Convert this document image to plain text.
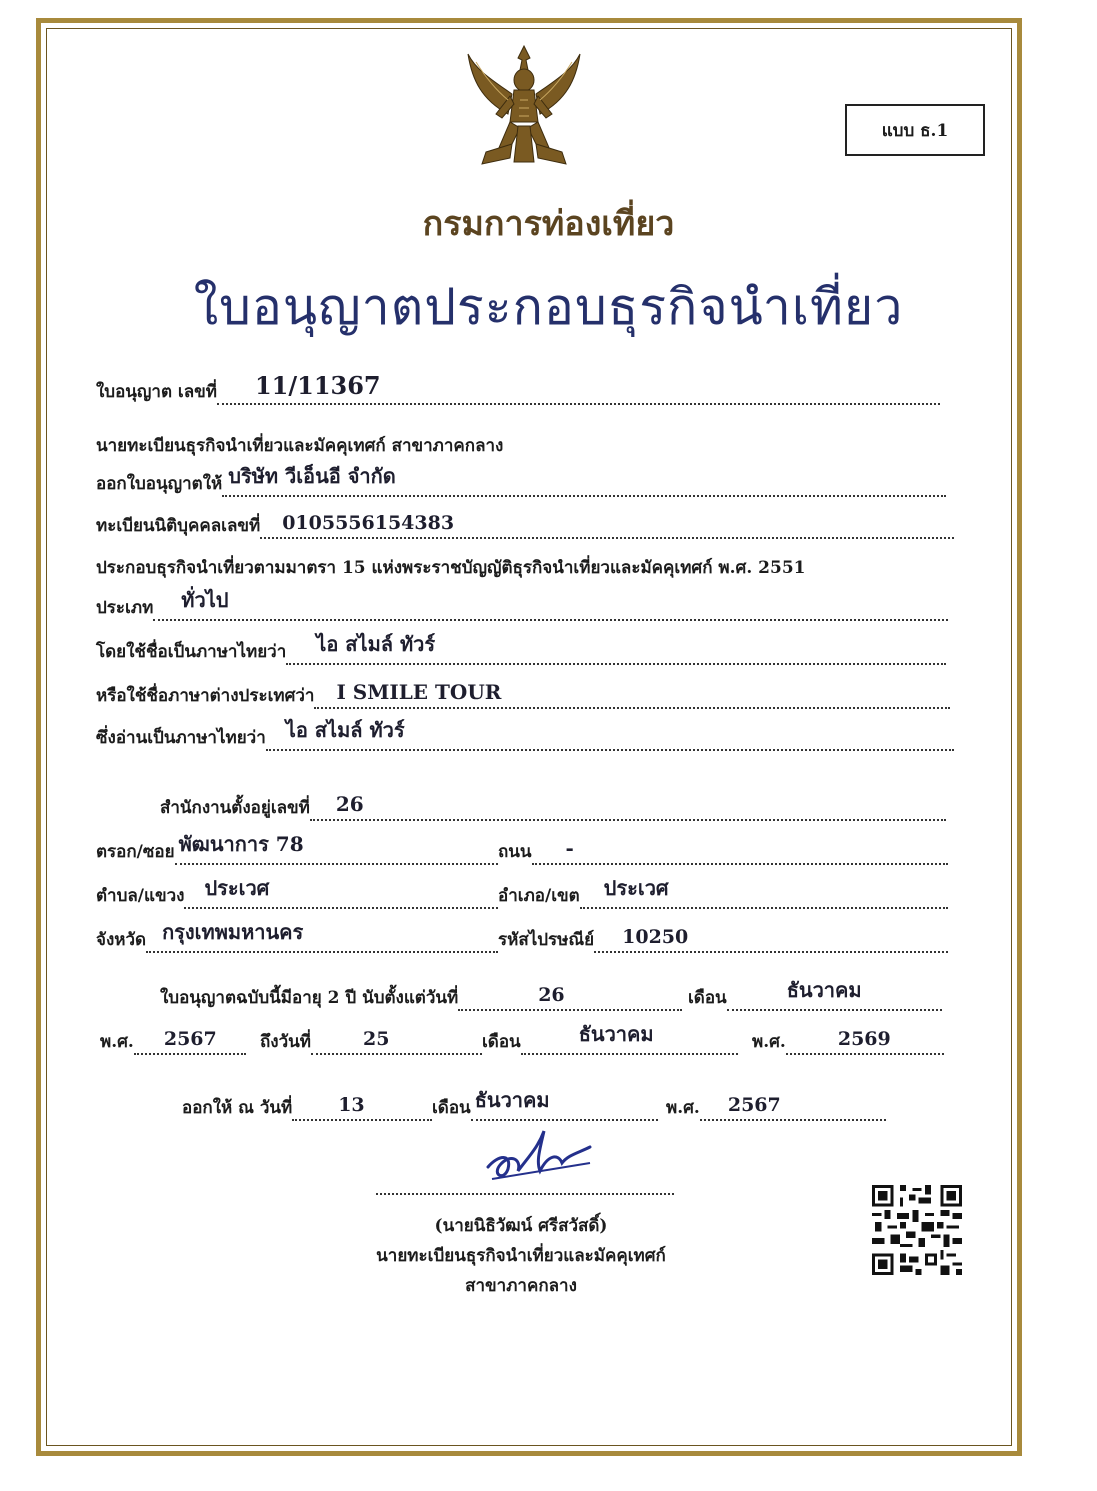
แบบ ธ.1
กรมการท่องเที่ยว
ใบอนุญาตประกอบธุรกิจนำเที่ยว
ใบอนุญาต เลขที่ 11/11367
นายทะเบียนธุรกิจนำเที่ยวและมัคคุเทศก์ สาขาภาคกลาง
ออกใบอนุญาตให้ บริษัท วีเอ็นอี จำกัด
ทะเบียนนิติบุคคลเลขที่ 0105556154383
ประกอบธุรกิจนำเที่ยวตามมาตรา 15 แห่งพระราชบัญญัติธุรกิจนำเที่ยวและมัคคุเทศก์ พ.ศ. 2551
ประเภท ทั่วไป
โดยใช้ชื่อเป็นภาษาไทยว่า ไอ สไมล์ ทัวร์
หรือใช้ชื่อภาษาต่างประเทศว่า I SMILE TOUR
ซึ่งอ่านเป็นภาษาไทยว่า ไอ สไมล์ ทัวร์
สำนักงานตั้งอยู่เลขที่ 26
ตรอก/ซอย พัฒนาการ 78	ถนน -
ตำบล/แขวง ประเวศ	อำเภอ/เขต ประเวศ
จังหวัด กรุงเทพมหานคร	รหัสไปรษณีย์ 10250
ใบอนุญาตฉบับนี้มีอายุ 2 ปี นับตั้งแต่วันที่	26	เดือน	ธันวาคม
พ.ศ. 2567	ถึงวันที่	25	เดือน	ธันวาคม	พ.ศ.	2569
ออกให้ ณ วันที่ 13	เดือน ธันวาคม	พ.ศ. 2567
(นายนิธิวัฒน์ ศรีสวัสดิ์)
นายทะเบียนธุรกิจนำเที่ยวและมัคคุเทศก์
สาขาภาคกลาง
